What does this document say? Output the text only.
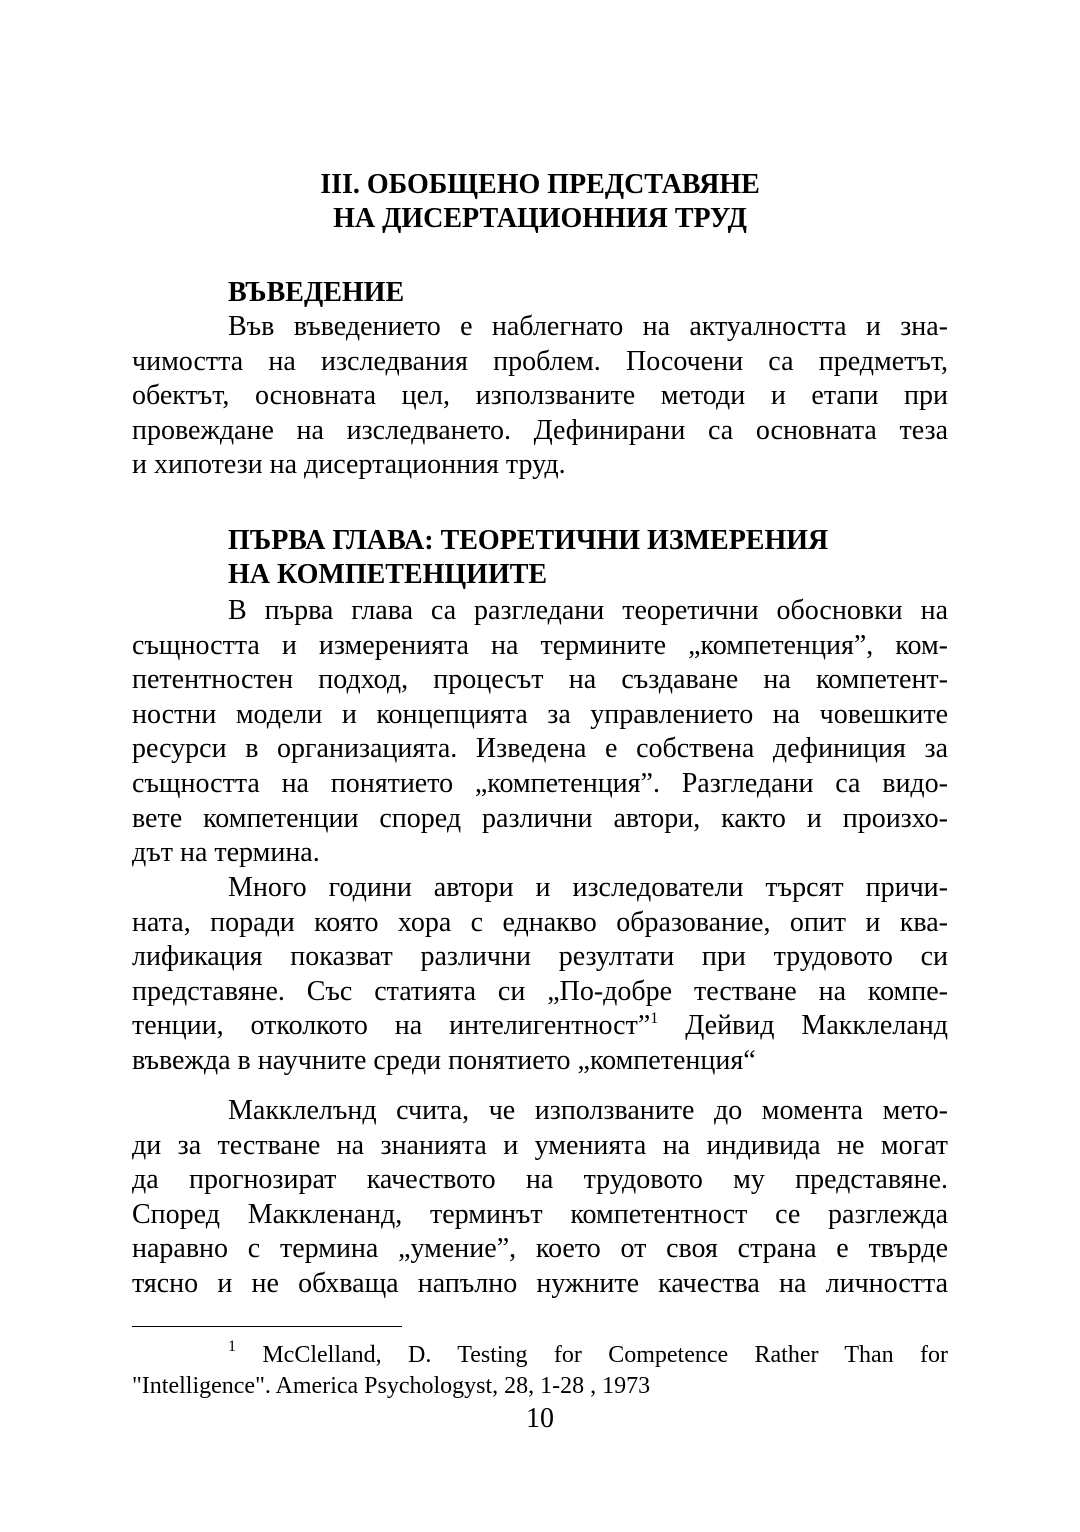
III. ОБОБЩЕНО ПРЕДСТАВЯНЕ
НА ДИСЕРТАЦИОННИЯ ТРУД
ВЪВЕДЕНИЕ
Във въведението е наблегнато на актуалността и зна-
чимостта на изследвания проблем. Посочени са предметът,
обектът, основната цел, използваните методи и етапи при
провеждане на изследването. Дефинирани са основната теза
и хипотези на дисертационния труд.
ПЪРВА ГЛАВА: ТЕОРЕТИЧНИ ИЗМЕРЕНИЯ
НА КОМПЕТЕНЦИИТЕ
В първа глава са разгледани теоретични обосновки на
същността и измеренията на термините „компетенция”, ком-
петентностен подход, процесът на създаване на компетент-
ностни модели и концепцията за управлението на човешките
ресурси в организацията. Изведена е собствена дефиниция за
същността на понятието „компетенция”. Разгледани са видо-
вете компетенции според различни автори, както и произхо-
дът на термина.
Много години автори и изследователи търсят причи-
ната, поради която хора с еднакво образование, опит и ква-
лификация показват различни резултати при трудовото си
представяне. Със статията си „По-добре тестване на компе-
тенции, отколкото на интелигентност”$^1$ Дейвид Макклеланд
въвежда в научните среди понятието „компетенция“
Макклелънд счита, че използваните до момента мето-
ди за тестване на знанията и уменията на индивида не могат
да прогнозират качеството на трудовото му представяне.
Според Маккленанд, терминът компетентност се разглежда
наравно с термина „умение”, което от своя страна е твърде
тясно и не обхваща напълно нужните качества на личността
$^1$ McClelland, D. Testing for Competence Rather Than for
"Intelligence". America Psychologyst, 28, 1-28 , 1973
10
